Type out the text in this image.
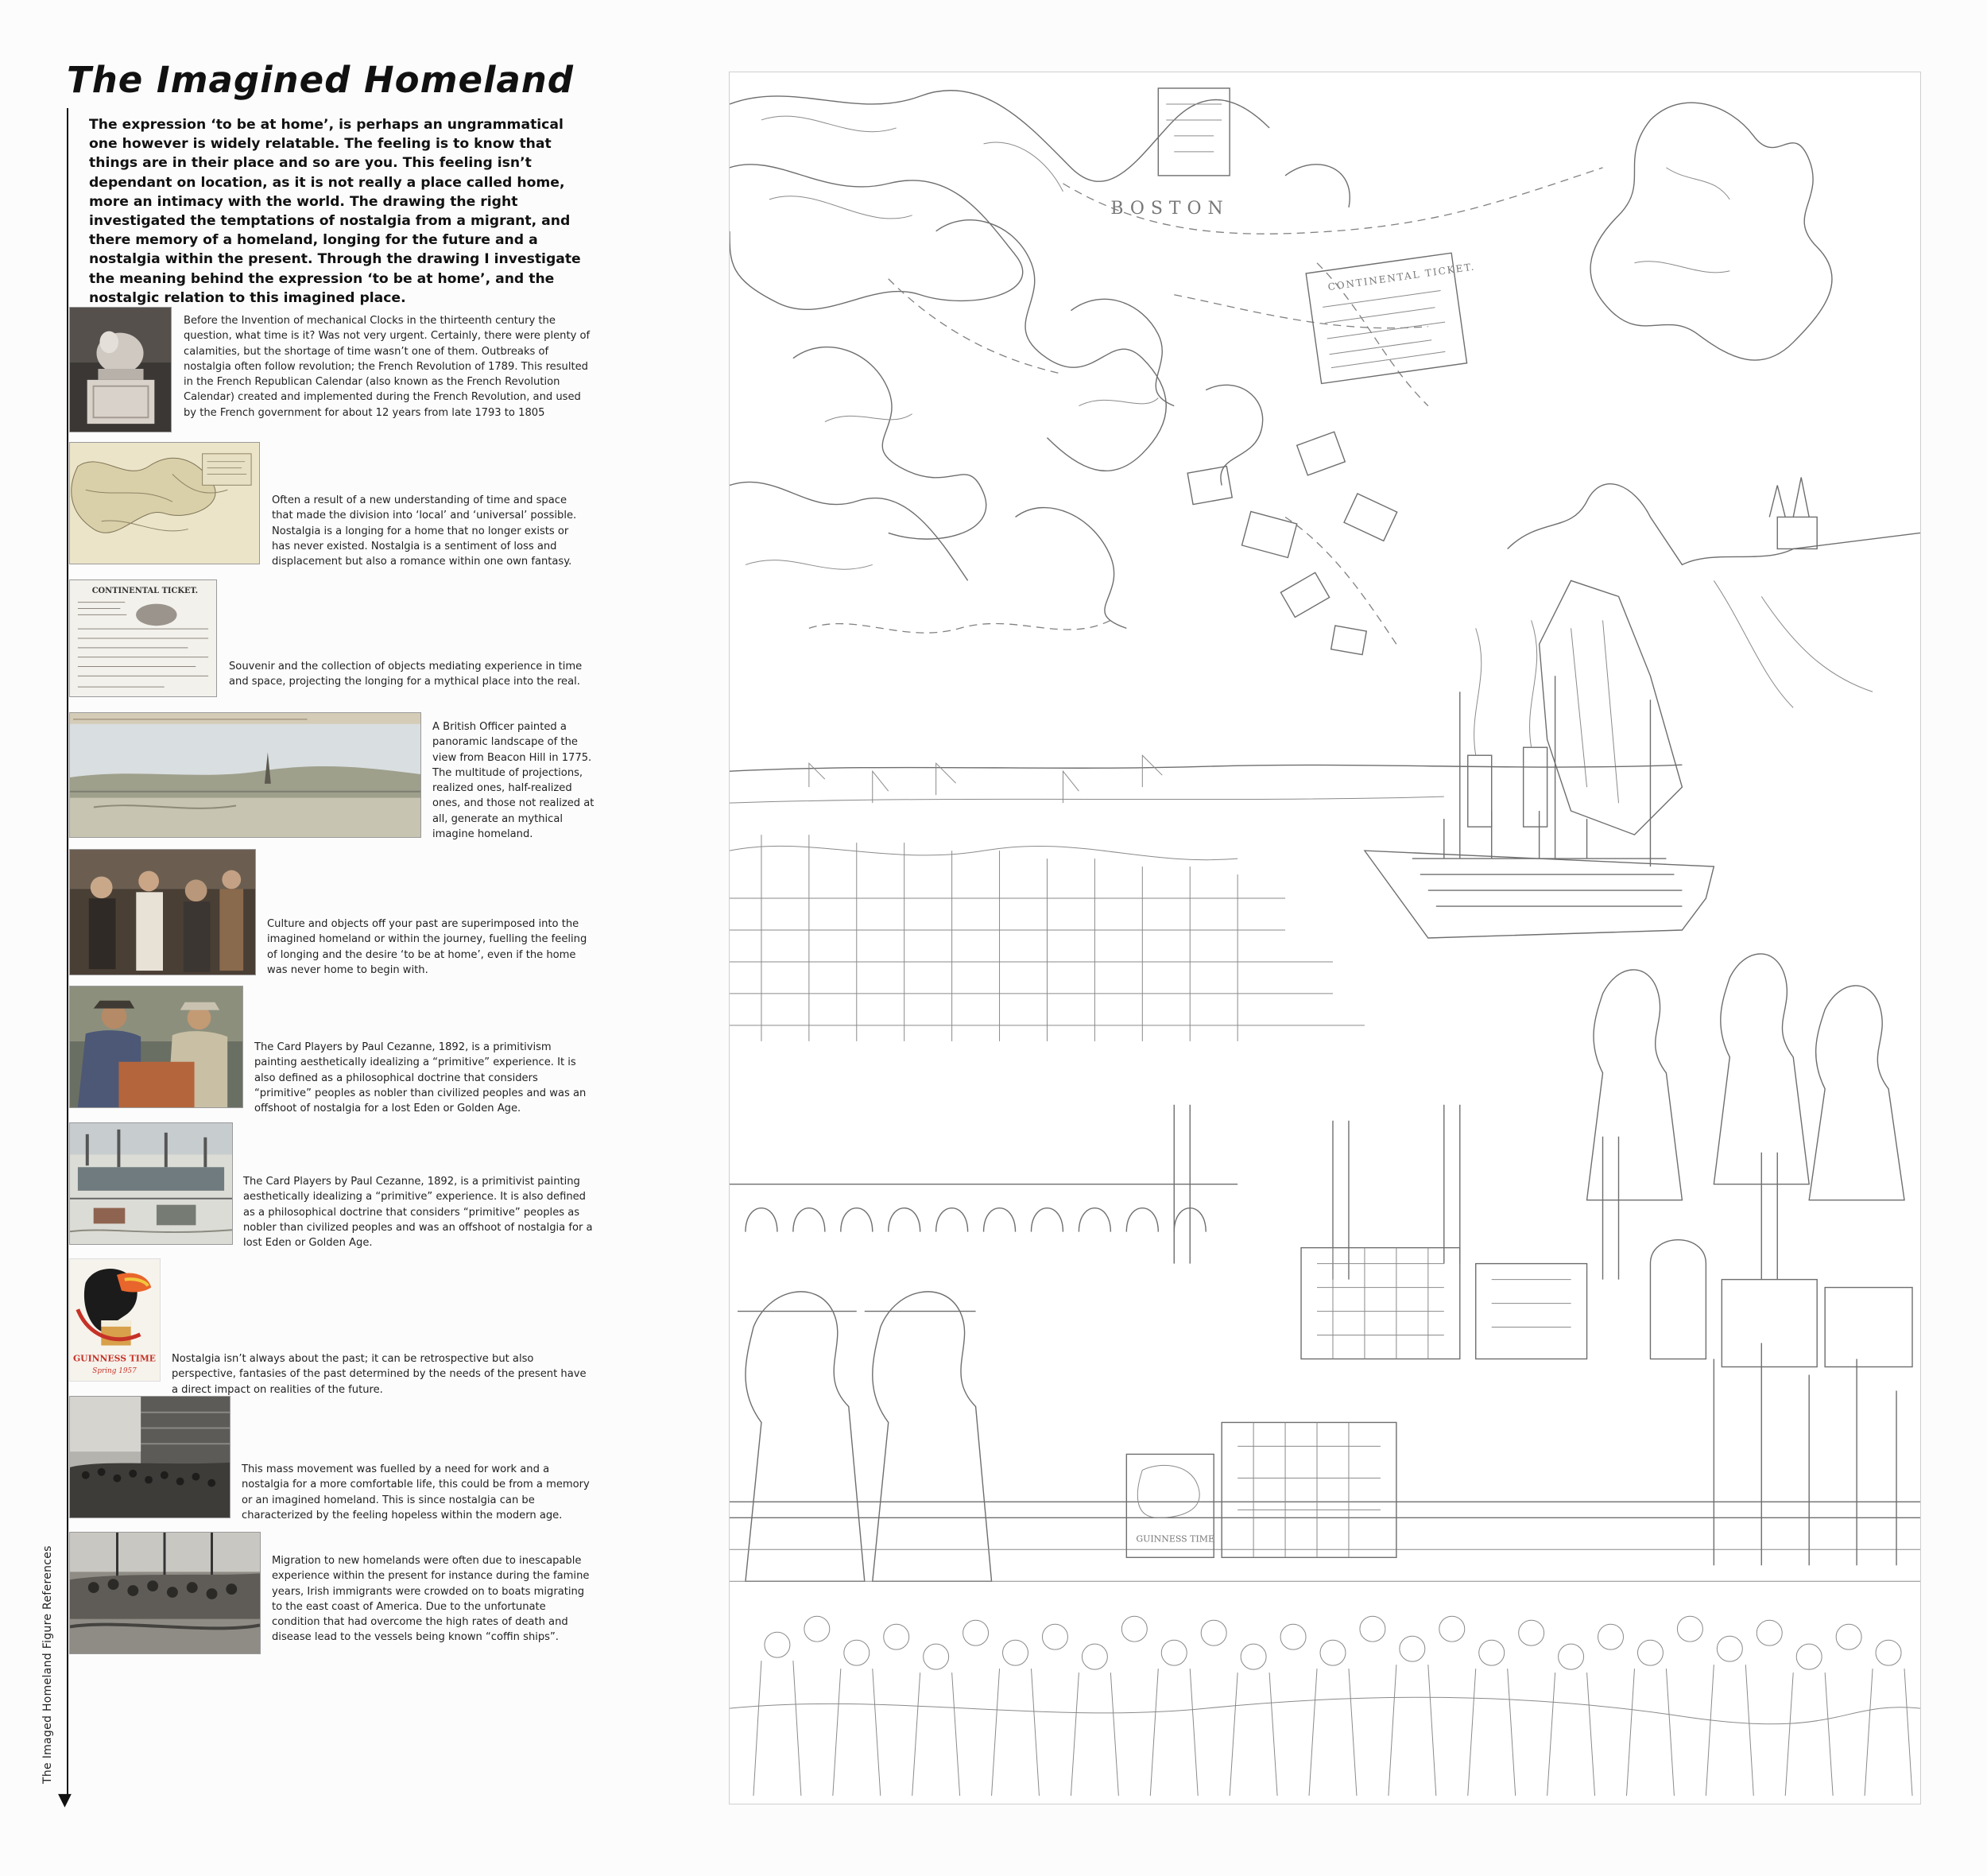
The Imagined Homeland

The expression ‘to be at home’, is perhaps an ungrammatical one however is widely relatable. The feeling is to know that things are in their place and so are you. This feeling isn’t dependant on location, as it is not really a place called home, more an intimacy with the world. The drawing the right investigated the temptations of nostalgia from a migrant, and there memory of a homeland, longing for the future and a nostalgia within the present. Through the drawing I investigate the meaning behind the expression ‘to be at home’, and the nostalgic relation to this imagined place.

▼
The Imaged Homeland Figure References

Before the Invention of mechanical Clocks in the thirteenth century the question, what time is it? Was not very urgent. Certainly, there were plenty of calamities, but the shortage of time wasn’t one of them. Outbreaks of nostalgia often follow revolution; the French Revolution of 1789. This resulted in the French Republican Calendar (also known as the French Revolution Calendar) created and implemented during the French Revolution, and used by the French government for about 12 years from late 1793 to 1805

Often a result of a new understanding of time and space that made the division into ‘local’ and ‘universal’ possible. Nostalgia is a longing for a home that no longer exists or has never existed. Nostalgia is a sentiment of loss and displacement but also a romance within one own fantasy.

CONTINENTAL TICKET.

Souvenir and the collection of objects mediating experience in time and space, projecting the longing for a mythical place into the real.

A British Officer painted a panoramic landscape of the view from Beacon Hill in 1775. The multitude of projections, realized ones, half-realized ones, and those not realized at all, generate an mythical imagine homeland.

Culture and objects off your past are superimposed into the imagined homeland or within the journey, fuelling the feeling of longing and the desire ‘to be at home’, even if the home was never home to begin with.

The Card Players by Paul Cezanne, 1892, is a primitivism painting aesthetically idealizing a “primitive” experience. It is also defined as a philosophical doctrine that considers “primitive” peoples as nobler than civilized peoples and was an offshoot of nostalgia for a lost Eden or Golden Age.

The Card Players by Paul Cezanne, 1892, is a primitivist painting aesthetically idealizing a “primitive” experience. It is also defined as a philosophical doctrine that considers “primitive” peoples as nobler than civilized peoples and was an offshoot of nostalgia for a lost Eden or Golden Age.

GUINNESS TIME
Spring 1957

Nostalgia isn’t always about the past; it can be retrospective but also perspective, fantasies of the past determined by the needs of the present have a direct impact on realities of the future.

This mass movement was fuelled by a need for work and a nostalgia for a more comfortable life, this could be from a memory or an imagined homeland. This is since nostalgia can be characterized by the feeling hopeless within the modern age.

Migration to new homelands were often due to inescapable experience within the present for instance during the famine years, Irish immigrants were crowded on to boats migrating to the east coast of America. Due to the unfortunate condition that had overcome the high rates of death and disease lead to the vessels being known “coffin ships”.

BOSTON
CONTINENTAL TICKET.
GUINNESS TIME
